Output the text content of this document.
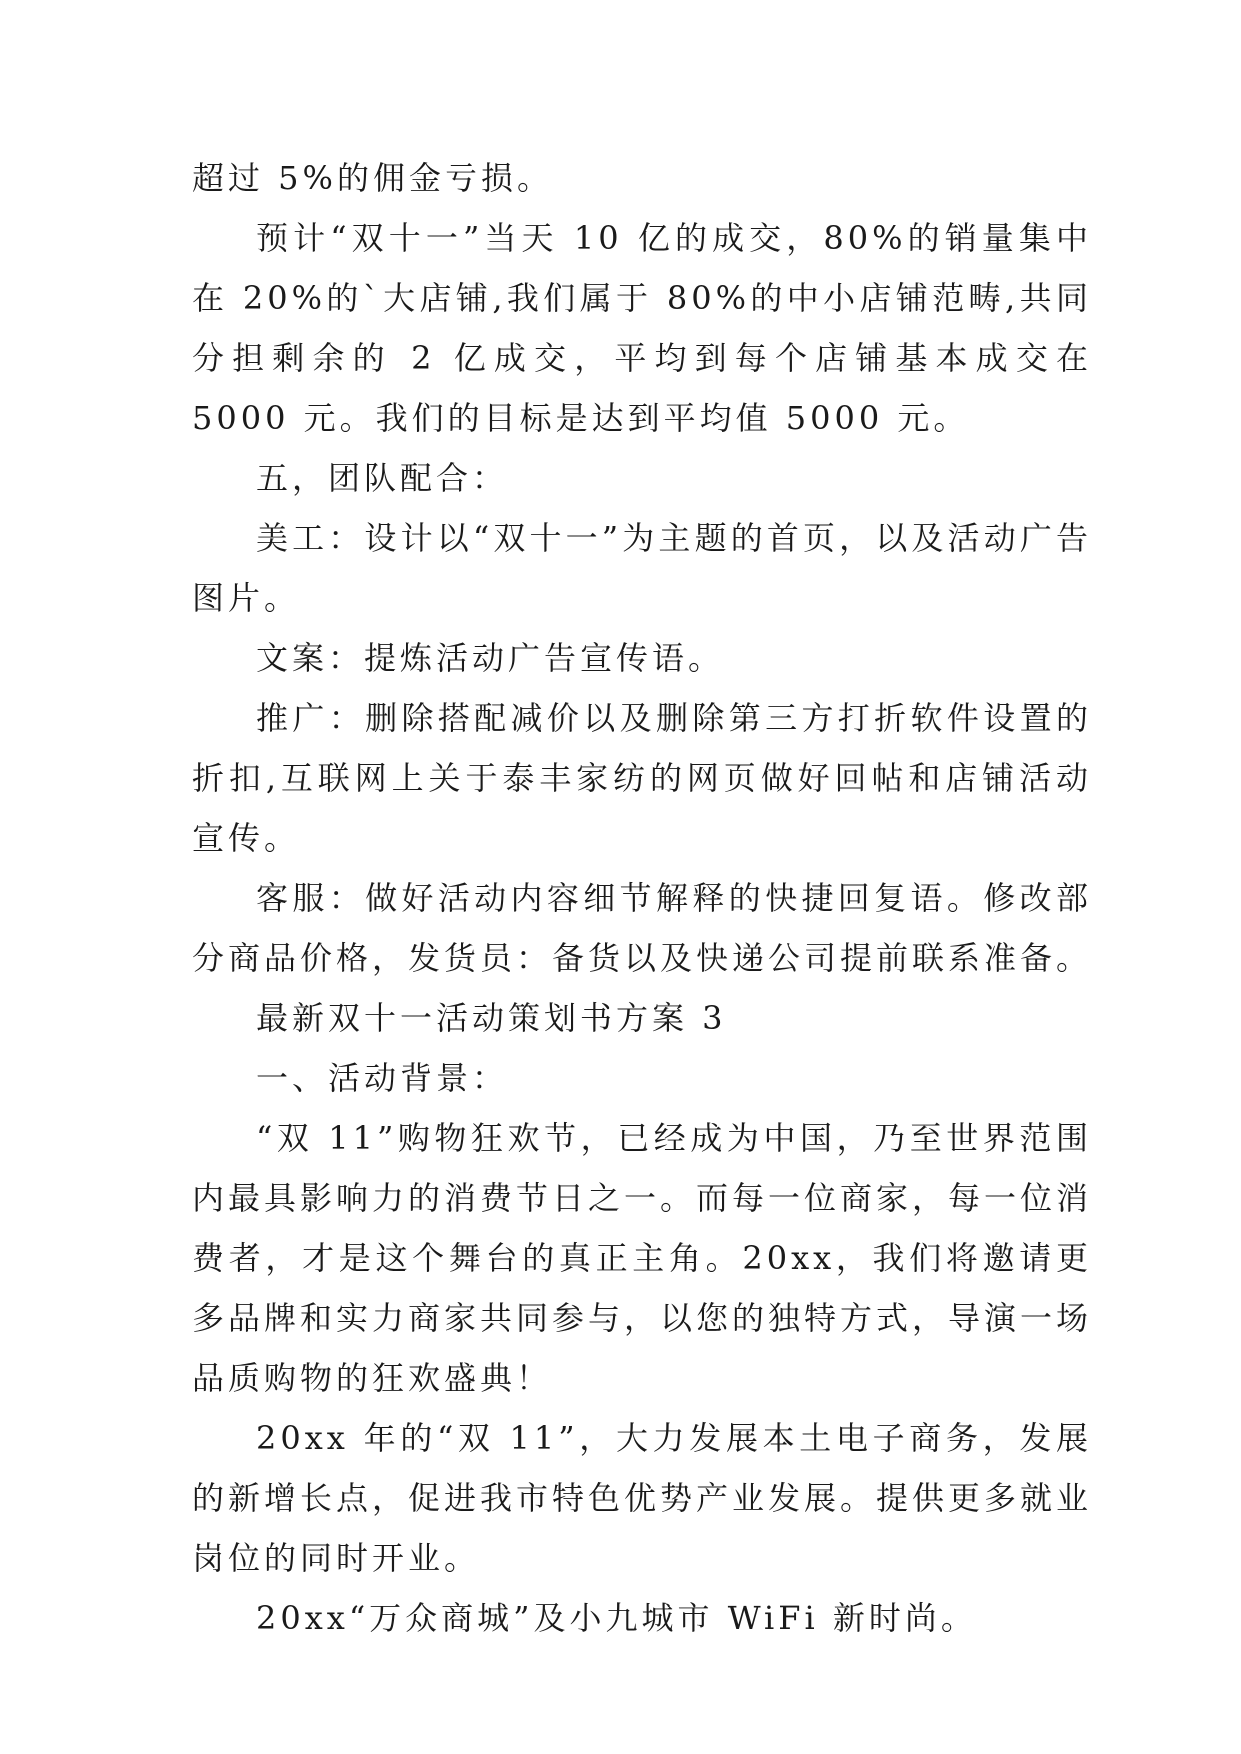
超过 5%的佣金亏损。

预计“双十一”当天 10 亿的成交，80%的销量集中在 20%的`大店铺,我们属于 80%的中小店铺范畴,共同分担剩余的 2 亿成交，平均到每个店铺基本成交在 5000 元。我们的目标是达到平均值 5000 元。

五，团队配合：

美工：设计以“双十一”为主题的首页，以及活动广告图片。

文案：提炼活动广告宣传语。

推广：删除搭配减价以及删除第三方打折软件设置的折扣,互联网上关于泰丰家纺的网页做好回帖和店铺活动宣传。

客服：做好活动内容细节解释的快捷回复语。修改部分商品价格，发货员：备货以及快递公司提前联系准备。

最新双十一活动策划书方案 3

一、活动背景：

“双 11”购物狂欢节，已经成为中国，乃至世界范围内最具影响力的消费节日之一。而每一位商家，每一位消费者，才是这个舞台的真正主角。20xx，我们将邀请更多品牌和实力商家共同参与，以您的独特方式，导演一场品质购物的狂欢盛典！

20xx 年的“双 11”，大力发展本土电子商务，发展的新增长点，促进我市特色优势产业发展。提供更多就业岗位的同时开业。

20xx“万众商城”及小九城市 WiFi 新时尚。
